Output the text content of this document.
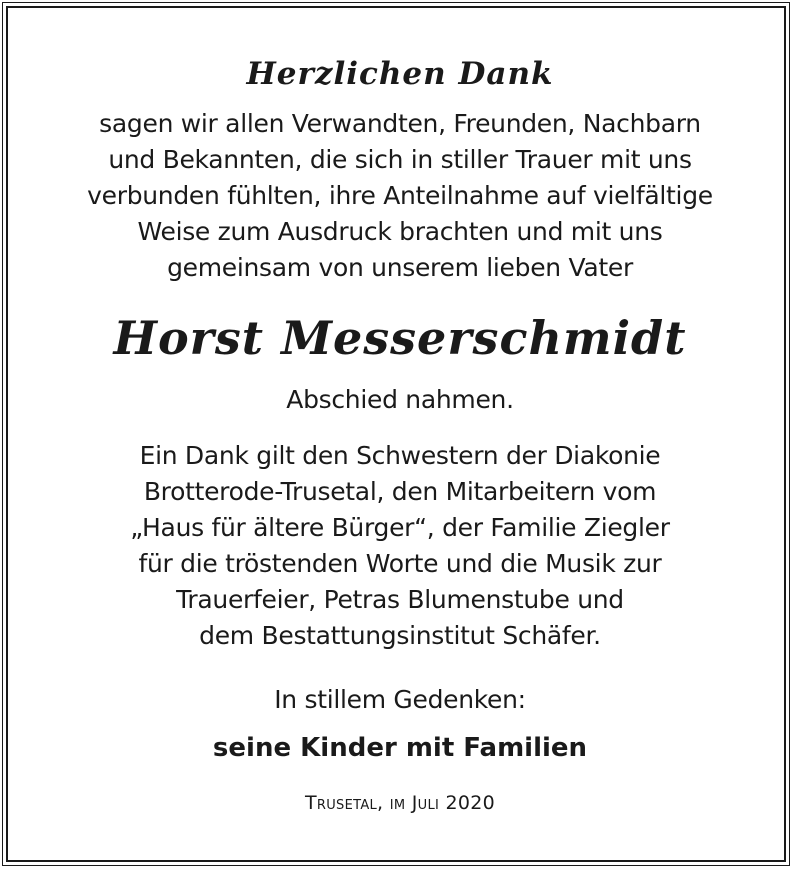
Herzlichen Dank
sagen wir allen Verwandten, Freunden, Nachbarn
und Bekannten, die sich in stiller Trauer mit uns
verbunden fühlten, ihre Anteilnahme auf vielfältige
Weise zum Ausdruck brachten und mit uns
gemeinsam von unserem lieben Vater
Horst Messerschmidt
Abschied nahmen.
Ein Dank gilt den Schwestern der Diakonie
Brotterode-Trusetal, den Mitarbeitern vom
„Haus für ältere Bürger“, der Familie Ziegler
für die tröstenden Worte und die Musik zur
Trauerfeier, Petras Blumenstube und
dem Bestattungsinstitut Schäfer.
In stillem Gedenken:
seine Kinder mit Familien
Trusetal, im Juli 2020
